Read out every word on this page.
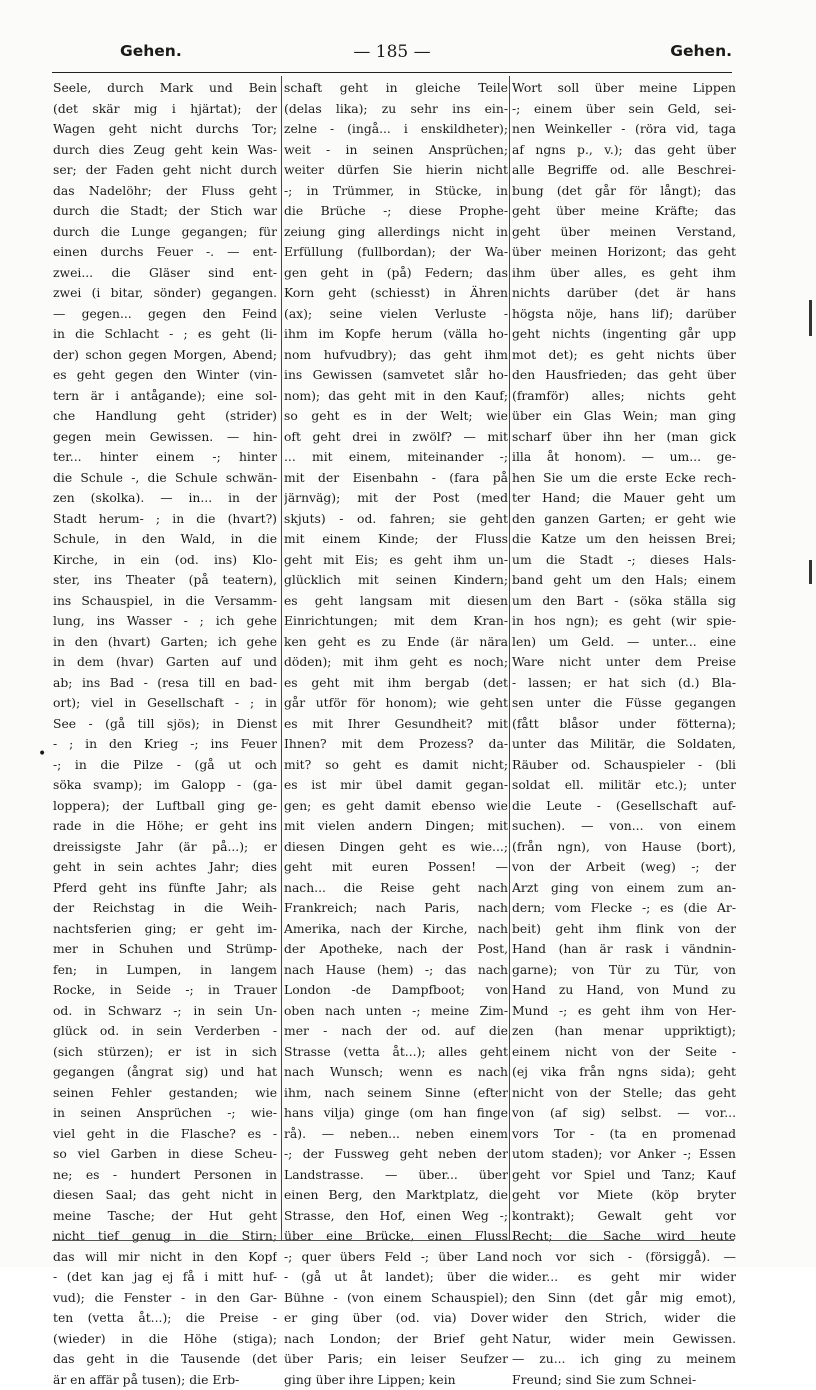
Gehen.	— 185 —	Gehen.
Seele, durch Mark und Bein
(det skär mig i hjärtat); der
Wagen geht nicht durchs Tor;
durch dies Zeug geht kein Was-
ser; der Faden geht nicht durch
das Nadelöhr; der Fluss geht
durch die Stadt; der Stich war
durch die Lunge gegangen; für
einen durchs Feuer -. — ent-
zwei... die Gläser sind ent-
zwei (i bitar, sönder) gegangen.
— gegen... gegen den Feind
in die Schlacht - ; es geht (li-
der) schon gegen Morgen, Abend;
es geht gegen den Winter (vin-
tern är i antågande); eine sol-
che Handlung geht (strider)
gegen mein Gewissen. — hin-
ter... hinter einem -; hinter
die Schule -, die Schule schwän-
zen (skolka). — in... in der
Stadt herum- ; in die (hvart?)
Schule, in den Wald, in die
Kirche, in ein (od. ins) Klo-
ster, ins Theater (på teatern),
ins Schauspiel, in die Versamm-
lung, ins Wasser - ; ich gehe
in den (hvart) Garten; ich gehe
in dem (hvar) Garten auf und
ab; ins Bad - (resa till en bad-
ort); viel in Gesellschaft - ; in
See - (gå till sjös); in Dienst
- ; in den Krieg -; ins Feuer
-; in die Pilze - (gå ut och
söka svamp); im Galopp - (ga-
loppera); der Luftball ging ge-
rade in die Höhe; er geht ins
dreissigste Jahr (är på...); er
geht in sein achtes Jahr; dies
Pferd geht ins fünfte Jahr; als
der Reichstag in die Weih-
nachtsferien ging; er geht im-
mer in Schuhen und Strümp-
fen; in Lumpen, in langem
Rocke, in Seide -; in Trauer
od. in Schwarz -; in sein Un-
glück od. in sein Verderben -
(sich stürzen); er ist in sich
gegangen (ångrat sig) und hat
seinen Fehler gestanden; wie
in seinen Ansprüchen -; wie-
viel geht in die Flasche? es -
so viel Garben in diese Scheu-
ne; es - hundert Personen in
diesen Saal; das geht nicht in
meine Tasche; der Hut geht
nicht tief genug in die Stirn;
das will mir nicht in den Kopf
- (det kan jag ej få i mitt huf-
vud); die Fenster - in den Gar-
ten (vetta åt...); die Preise -
(wieder) in die Höhe (stiga);
das geht in die Tausende (det
är en affär på tusen); die Erb-
schaft geht in gleiche Teile
(delas lika); zu sehr ins ein-
zelne - (ingå... i enskildheter);
weit - in seinen Ansprüchen;
weiter dürfen Sie hierin nicht
-; in Trümmer, in Stücke, in
die Brüche -; diese Prophe-
zeiung ging allerdings nicht in
Erfüllung (fullbordan); der Wa-
gen geht in (på) Federn; das
Korn geht (schiesst) in Ähren
(ax); seine vielen Verluste -
ihm im Kopfe herum (välla ho-
nom hufvudbry); das geht ihm
ins Gewissen (samvetet slår ho-
nom); das geht mit in den Kauf;
so geht es in der Welt; wie
oft geht drei in zwölf? — mit
... mit einem, miteinander -;
mit der Eisenbahn - (fara på
järnväg); mit der Post (med
skjuts) - od. fahren; sie geht
mit einem Kinde; der Fluss
geht mit Eis; es geht ihm un-
glücklich mit seinen Kindern;
es geht langsam mit diesen
Einrichtungen; mit dem Kran-
ken geht es zu Ende (är nära
döden); mit ihm geht es noch;
es geht mit ihm bergab (det
går utför för honom); wie geht
es mit Ihrer Gesundheit? mit
Ihnen? mit dem Prozess? da-
mit? so geht es damit nicht;
es ist mir übel damit gegan-
gen; es geht damit ebenso wie
mit vielen andern Dingen; mit
diesen Dingen geht es wie...;
geht mit euren Possen! —
nach... die Reise geht nach
Frankreich; nach Paris, nach
Amerika, nach der Kirche, nach
der Apotheke, nach der Post,
nach Hause (hem) -; das nach
London -de Dampfboot; von
oben nach unten -; meine Zim-
mer - nach der od. auf die
Strasse (vetta åt...); alles geht
nach Wunsch; wenn es nach
ihm, nach seinem Sinne (efter
hans vilja) ginge (om han finge
rå). — neben... neben einem
-; der Fussweg geht neben der
Landstrasse. — über... über
einen Berg, den Marktplatz, die
Strasse, den Hof, einen Weg -;
über eine Brücke, einen Fluss
-; quer übers Feld -; über Land
- (gå ut åt landet); über die
Bühne - (von einem Schauspiel);
er ging über (od. via) Dover
nach London; der Brief geht
über Paris; ein leiser Seufzer
ging über ihre Lippen; kein
Wort soll über meine Lippen
-; einem über sein Geld, sei-
nen Weinkeller - (röra vid, taga
af ngns p., v.); das geht über
alle Begriffe od. alle Beschrei-
bung (det går för långt); das
geht über meine Kräfte; das
geht über meinen Verstand,
über meinen Horizont; das geht
ihm über alles, es geht ihm
nichts darüber (det är hans
högsta nöje, hans lif); darüber
geht nichts (ingenting går upp
mot det); es geht nichts über
den Hausfrieden; das geht über
(framför) alles; nichts geht
über ein Glas Wein; man ging
scharf über ihn her (man gick
illa åt honom). — um... ge-
hen Sie um die erste Ecke rech-
ter Hand; die Mauer geht um
den ganzen Garten; er geht wie
die Katze um den heissen Brei;
um die Stadt -; dieses Hals-
band geht um den Hals; einem
um den Bart - (söka ställa sig
in hos ngn); es geht (wir spie-
len) um Geld. — unter... eine
Ware nicht unter dem Preise
- lassen; er hat sich (d.) Bla-
sen unter die Füsse gegangen
(fått blåsor under fötterna);
unter das Militär, die Soldaten,
Räuber od. Schauspieler - (bli
soldat ell. militär etc.); unter
die Leute - (Gesellschaft auf-
suchen). — von... von einem
(från ngn), von Hause (bort),
von der Arbeit (weg) -; der
Arzt ging von einem zum an-
dern; vom Flecke -; es (die Ar-
beit) geht ihm flink von der
Hand (han är rask i vändnin-
garne); von Tür zu Tür, von
Hand zu Hand, von Mund zu
Mund -; es geht ihm von Her-
zen (han menar uppriktigt);
einem nicht von der Seite -
(ej vika från ngns sida); geht
nicht von der Stelle; das geht
von (af sig) selbst. — vor...
vors Tor - (ta en promenad
utom staden); vor Anker -; Essen
geht vor Spiel und Tanz; Kauf
geht vor Miete (köp bryter
kontrakt); Gewalt geht vor
Recht; die Sache wird heute
noch vor sich - (försiggå). —
wider... es geht mir wider
den Sinn (det går mig emot),
wider den Strich, wider die
Natur, wider mein Gewissen.
— zu... ich ging zu meinem
Freund; sind Sie zum Schnei-
•
